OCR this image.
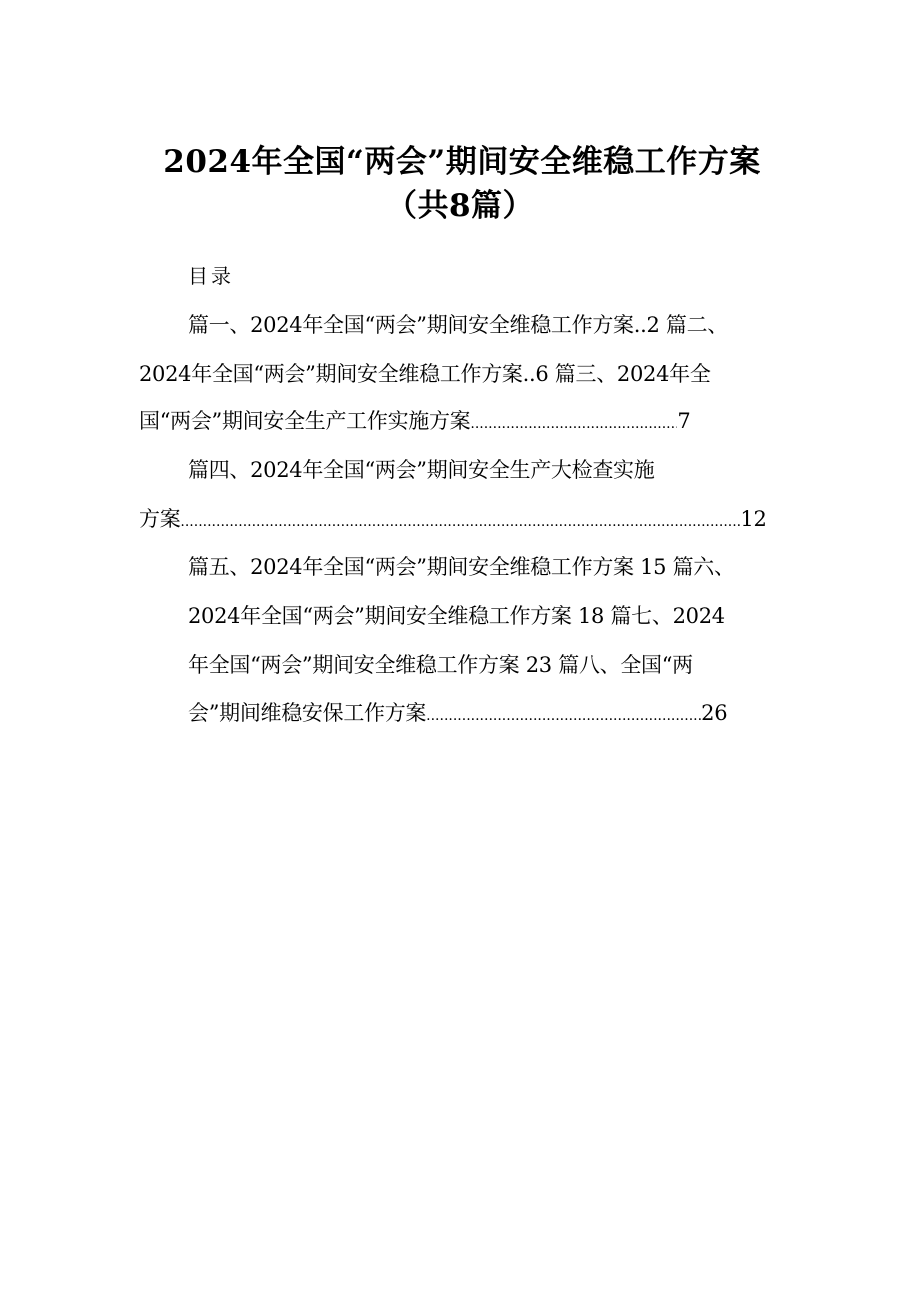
2024年全国“两会”期间安全维稳工作方案
（共8篇）
目录
篇一、2024年全国“两会”期间安全维稳工作方案..2 篇二、
2024年全国“两会”期间安全维稳工作方案..6 篇三、2024年全
国“两会”期间安全生产工作实施方案 .....	7
篇四、2024年全国“两会”期间安全生产大检查实施
方案 .....	12
篇五、2024年全国“两会”期间安全维稳工作方案 15 篇六、
2024年全国“两会”期间安全维稳工作方案 18 篇七、2024
年全国“两会”期间安全维稳工作方案 23 篇八、全国“两
会”期间维稳安保工作方案 .....	26
